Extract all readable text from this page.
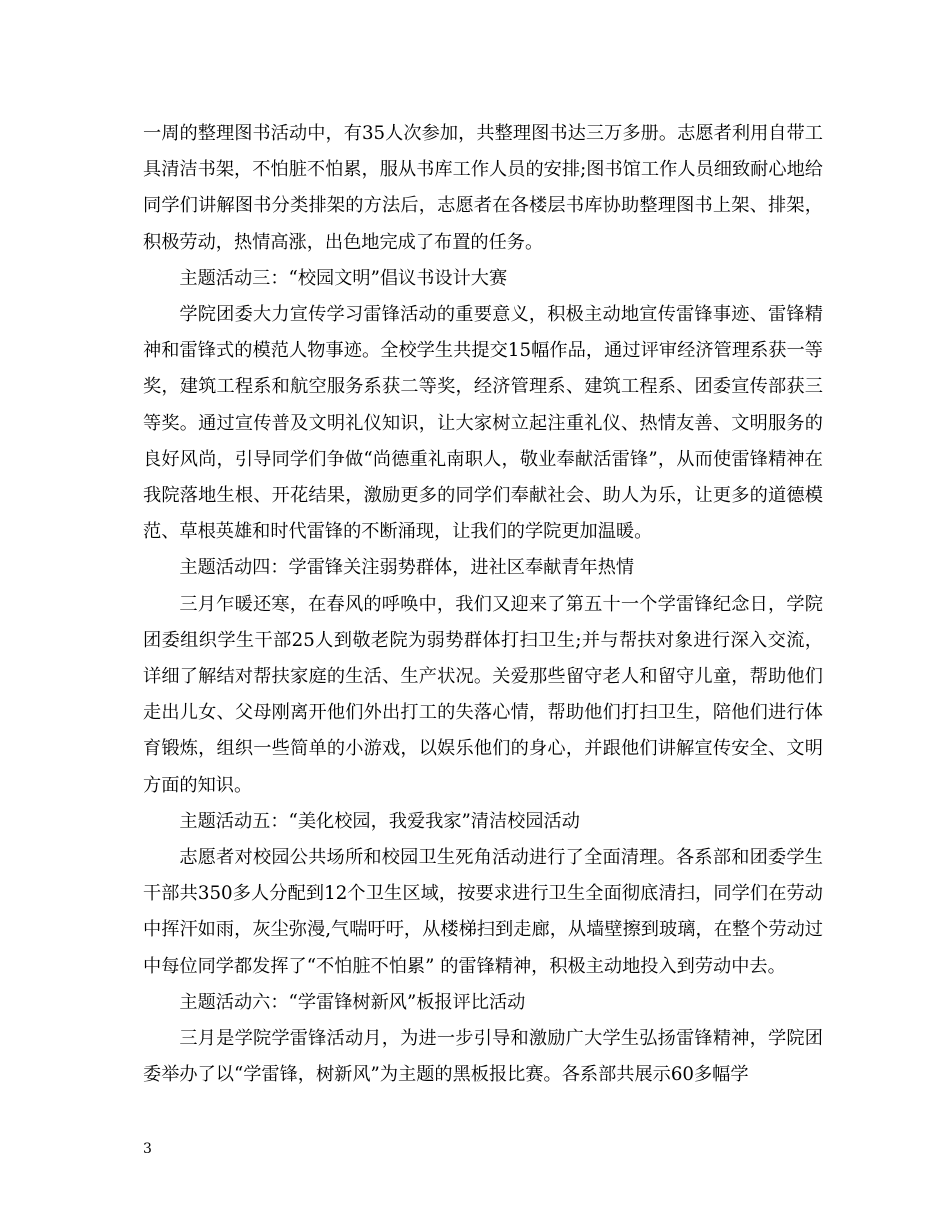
一周的整理图书活动中，有35人次参加，共整理图书达三万多册。志愿者利用自带工具清洁书架，不怕脏不怕累，服从书库工作人员的安排;图书馆工作人员细致耐心地给同学们讲解图书分类排架的方法后，志愿者在各楼层书库协助整理图书上架、排架，积极劳动，热情高涨，出色地完成了布置的任务。

主题活动三：“校园文明”倡议书设计大赛

学院团委大力宣传学习雷锋活动的重要意义，积极主动地宣传雷锋事迹、雷锋精神和雷锋式的模范人物事迹。全校学生共提交15幅作品，通过评审经济管理系获一等奖，建筑工程系和航空服务系获二等奖，经济管理系、建筑工程系、团委宣传部获三等奖。通过宣传普及文明礼仪知识，让大家树立起注重礼仪、热情友善、文明服务的良好风尚，引导同学们争做“尚德重礼南职人，敬业奉献活雷锋”，从而使雷锋精神在我院落地生根、开花结果，激励更多的同学们奉献社会、助人为乐，让更多的道德模范、草根英雄和时代雷锋的不断涌现，让我们的学院更加温暖。

主题活动四：学雷锋关注弱势群体，进社区奉献青年热情

三月乍暖还寒，在春风的呼唤中，我们又迎来了第五十一个学雷锋纪念日，学院团委组织学生干部25人到敬老院为弱势群体打扫卫生;并与帮扶对象进行深入交流，详细了解结对帮扶家庭的生活、生产状况。关爱那些留守老人和留守儿童，帮助他们走出儿女、父母刚离开他们外出打工的失落心情，帮助他们打扫卫生，陪他们进行体育锻炼，组织一些简单的小游戏，以娱乐他们的身心，并跟他们讲解宣传安全、文明方面的知识。

主题活动五：“美化校园，我爱我家”清洁校园活动

志愿者对校园公共场所和校园卫生死角活动进行了全面清理。各系部和团委学生干部共350多人分配到12个卫生区域，按要求进行卫生全面彻底清扫，同学们在劳动中挥汗如雨，灰尘弥漫,气喘吁吁，从楼梯扫到走廊，从墙壁擦到玻璃，在整个劳动过中每位同学都发挥了“不怕脏不怕累” 的雷锋精神，积极主动地投入到劳动中去。

主题活动六：“学雷锋树新风”板报评比活动

三月是学院学雷锋活动月，为进一步引导和激励广大学生弘扬雷锋精神，学院团委举办了以“学雷锋，树新风”为主题的黑板报比赛。各系部共展示60多幅学

3
